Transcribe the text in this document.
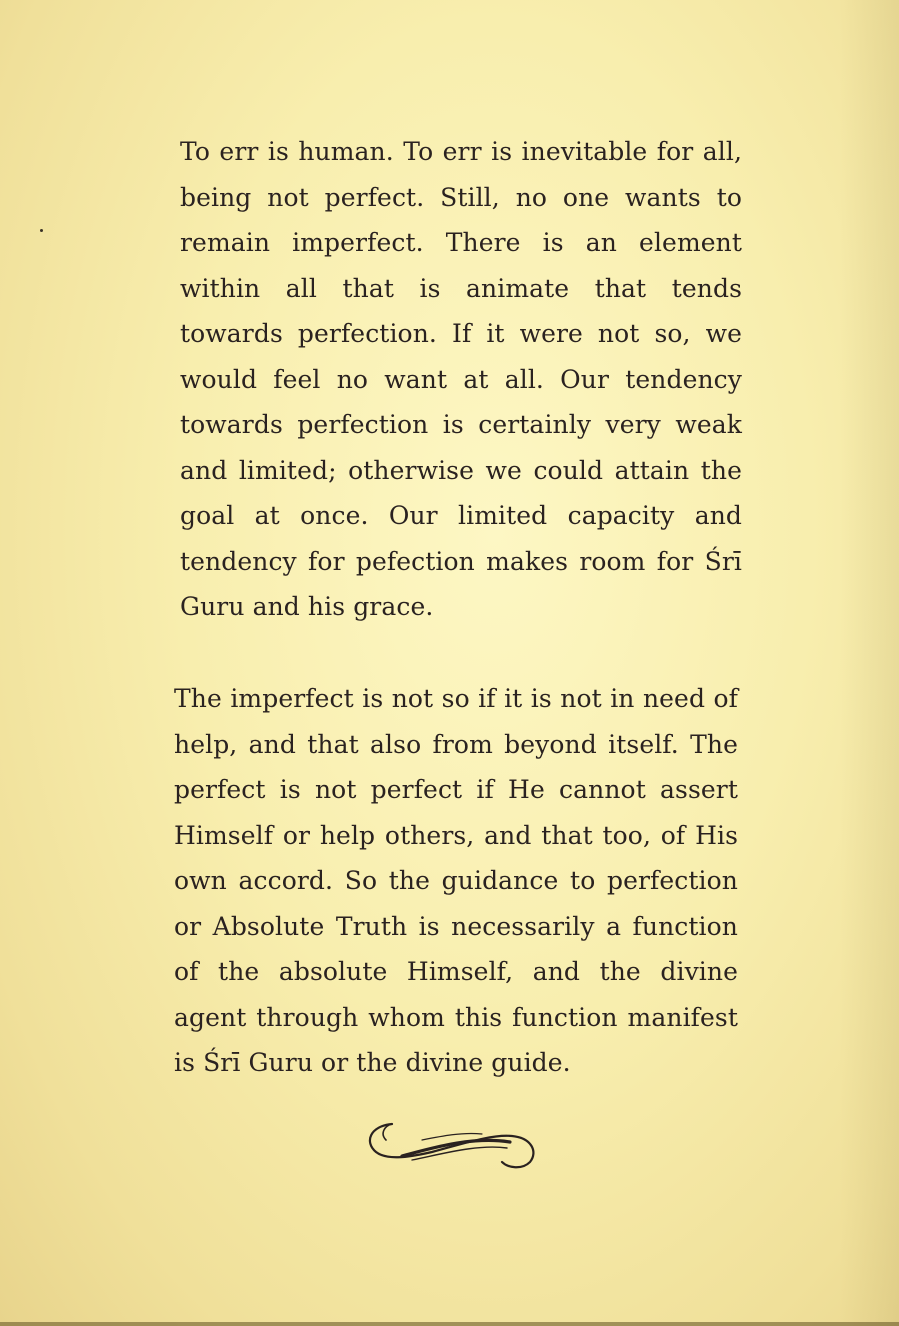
To err is human. To err is inevitable for all, being not perfect. Still, no one wants to remain imperfect. There is an element within all that is animate that tends towards perfection. If it were not so, we would feel no want at all. Our tendency towards perfection is certainly very weak and limited; otherwise we could attain the goal at once. Our limited capacity and tendency for pefection makes room for Śrī Guru and his grace.

The imperfect is not so if it is not in need of help, and that also from beyond itself. The perfect is not perfect if He cannot assert Himself or help others, and that too, of His own accord. So the guidance to perfection or Absolute Truth is necessarily a function of the absolute Himself, and the divine agent through whom this function manifest is Śrī Guru or the divine guide.
